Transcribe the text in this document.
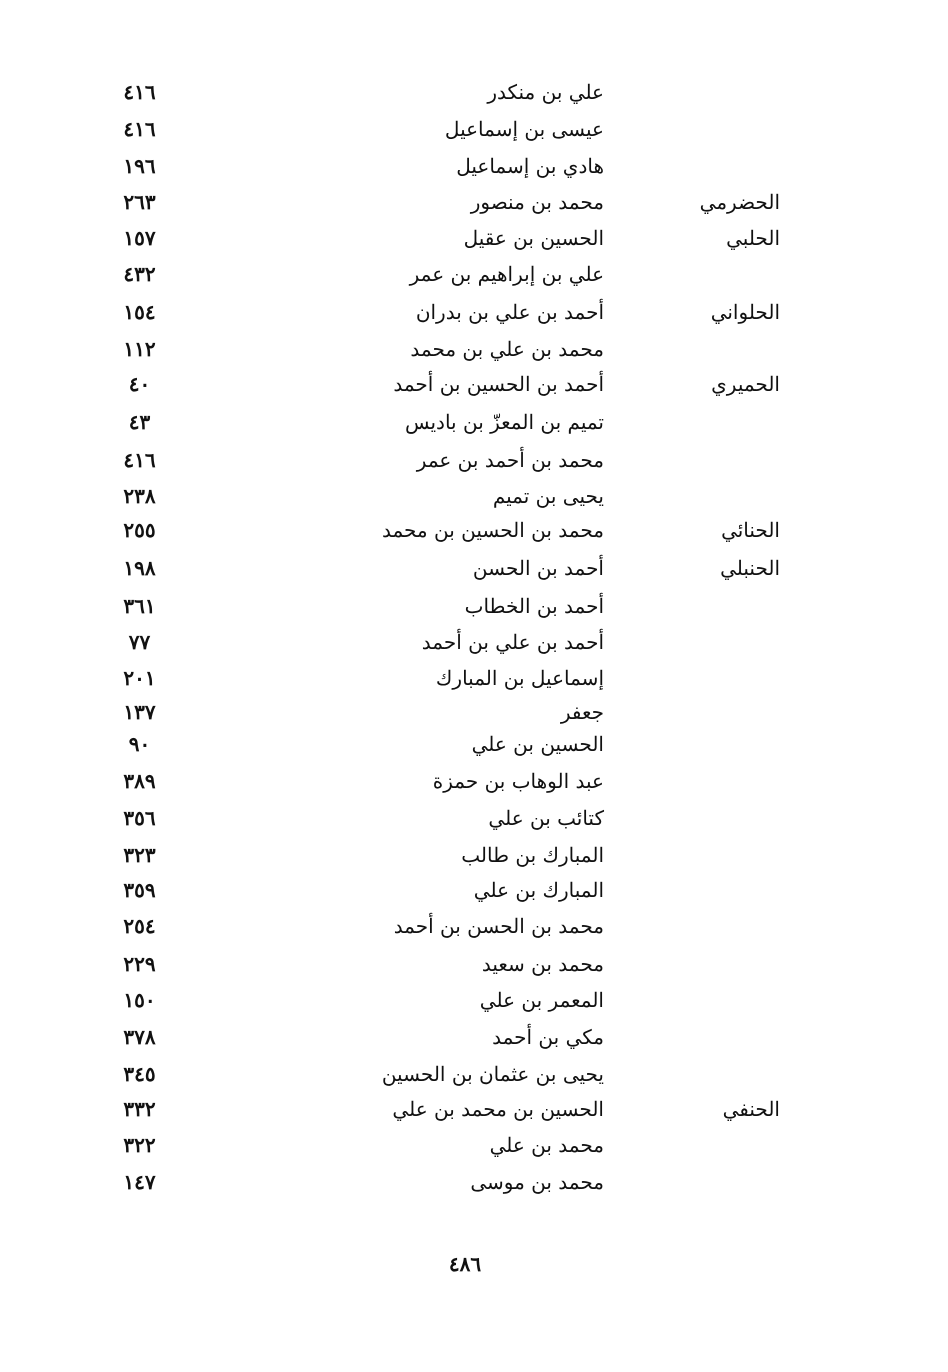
علي بن منكدر
٤١٦
عيسى بن إسماعيل
٤١٦
هادي بن إسماعيل
١٩٦
الحضرمي
محمد بن منصور
٢٦٣
الحلبي
الحسين بن عقيل
١٥٧
علي بن إبراهيم بن عمر
٤٣٢
الحلواني
أحمد بن علي بن بدران
١٥٤
محمد بن علي بن محمد
١١٢
الحميري
أحمد بن الحسين بن أحمد
٤٠
تميم بن المعزّ بن باديس
٤٣
محمد بن أحمد بن عمر
٤١٦
يحيى بن تميم
٢٣٨
الحنائي
محمد بن الحسين بن محمد
٢٥٥
الحنبلي
أحمد بن الحسن
١٩٨
أحمد بن الخطاب
٣٦١
أحمد بن علي بن أحمد
٧٧
إسماعيل بن المبارك
٢٠١
جعفر
١٣٧
الحسين بن علي
٩٠
عبد الوهاب بن حمزة
٣٨٩
كتائب بن علي
٣٥٦
المبارك بن طالب
٣٢٣
المبارك بن علي
٣٥٩
محمد بن الحسن بن أحمد
٢٥٤
محمد بن سعيد
٢٢٩
المعمر بن علي
١٥٠
مكي بن أحمد
٣٧٨
يحيى بن عثمان بن الحسين
٣٤٥
الحنفي
الحسين بن محمد بن علي
٣٣٢
محمد بن علي
٣٢٢
محمد بن موسى
١٤٧
٤٨٦
